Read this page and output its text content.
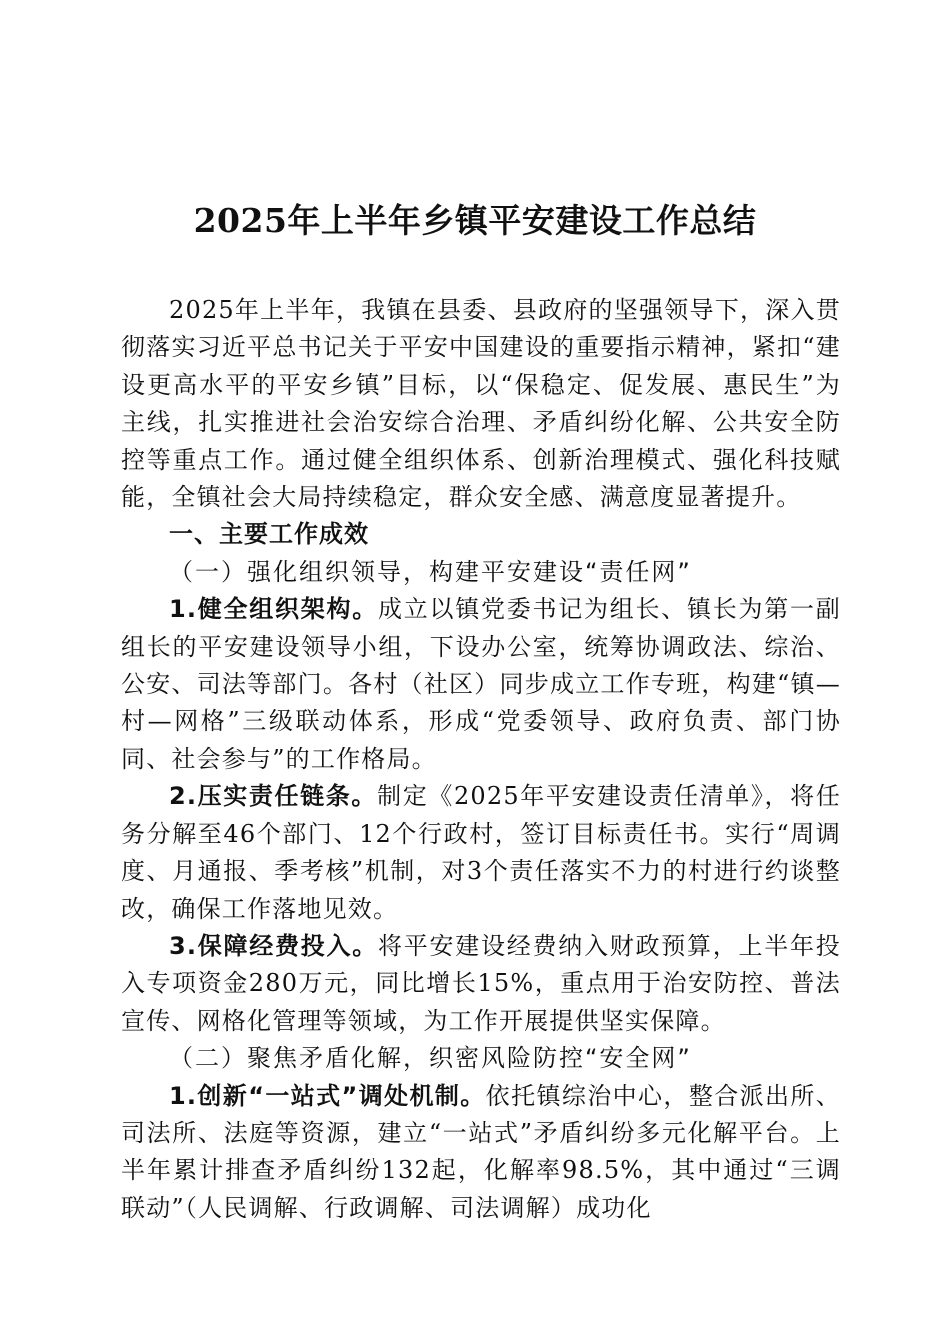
2025年上半年乡镇平安建设工作总结

2025年上半年，我镇在县委、县政府的坚强领导下，深入贯彻落实习近平总书记关于平安中国建设的重要指示精神，紧扣“建设更高水平的平安乡镇”目标，以“保稳定、促发展、惠民生”为主线，扎实推进社会治安综合治理、矛盾纠纷化解、公共安全防控等重点工作。通过健全组织体系、创新治理模式、强化科技赋能，全镇社会大局持续稳定，群众安全感、满意度显著提升。

一、主要工作成效

（一）强化组织领导，构建平安建设“责任网”

1.健全组织架构。成立以镇党委书记为组长、镇长为第一副组长的平安建设领导小组，下设办公室，统筹协调政法、综治、公安、司法等部门。各村（社区）同步成立工作专班，构建“镇—村—网格”三级联动体系，形成“党委领导、政府负责、部门协同、社会参与”的工作格局。

2.压实责任链条。制定《2025年平安建设责任清单》，将任务分解至46个部门、12个行政村，签订目标责任书。实行“周调度、月通报、季考核”机制，对3个责任落实不力的村进行约谈整改，确保工作落地见效。

3.保障经费投入。将平安建设经费纳入财政预算，上半年投入专项资金280万元，同比增长15%，重点用于治安防控、普法宣传、网格化管理等领域，为工作开展提供坚实保障。

（二）聚焦矛盾化解，织密风险防控“安全网”

1.创新“一站式”调处机制。依托镇综治中心，整合派出所、司法所、法庭等资源，建立“一站式”矛盾纠纷多元化解平台。上半年累计排查矛盾纠纷132起，化解率98.5%，其中通过“三调联动”（人民调解、行政调解、司法调解）成功化
